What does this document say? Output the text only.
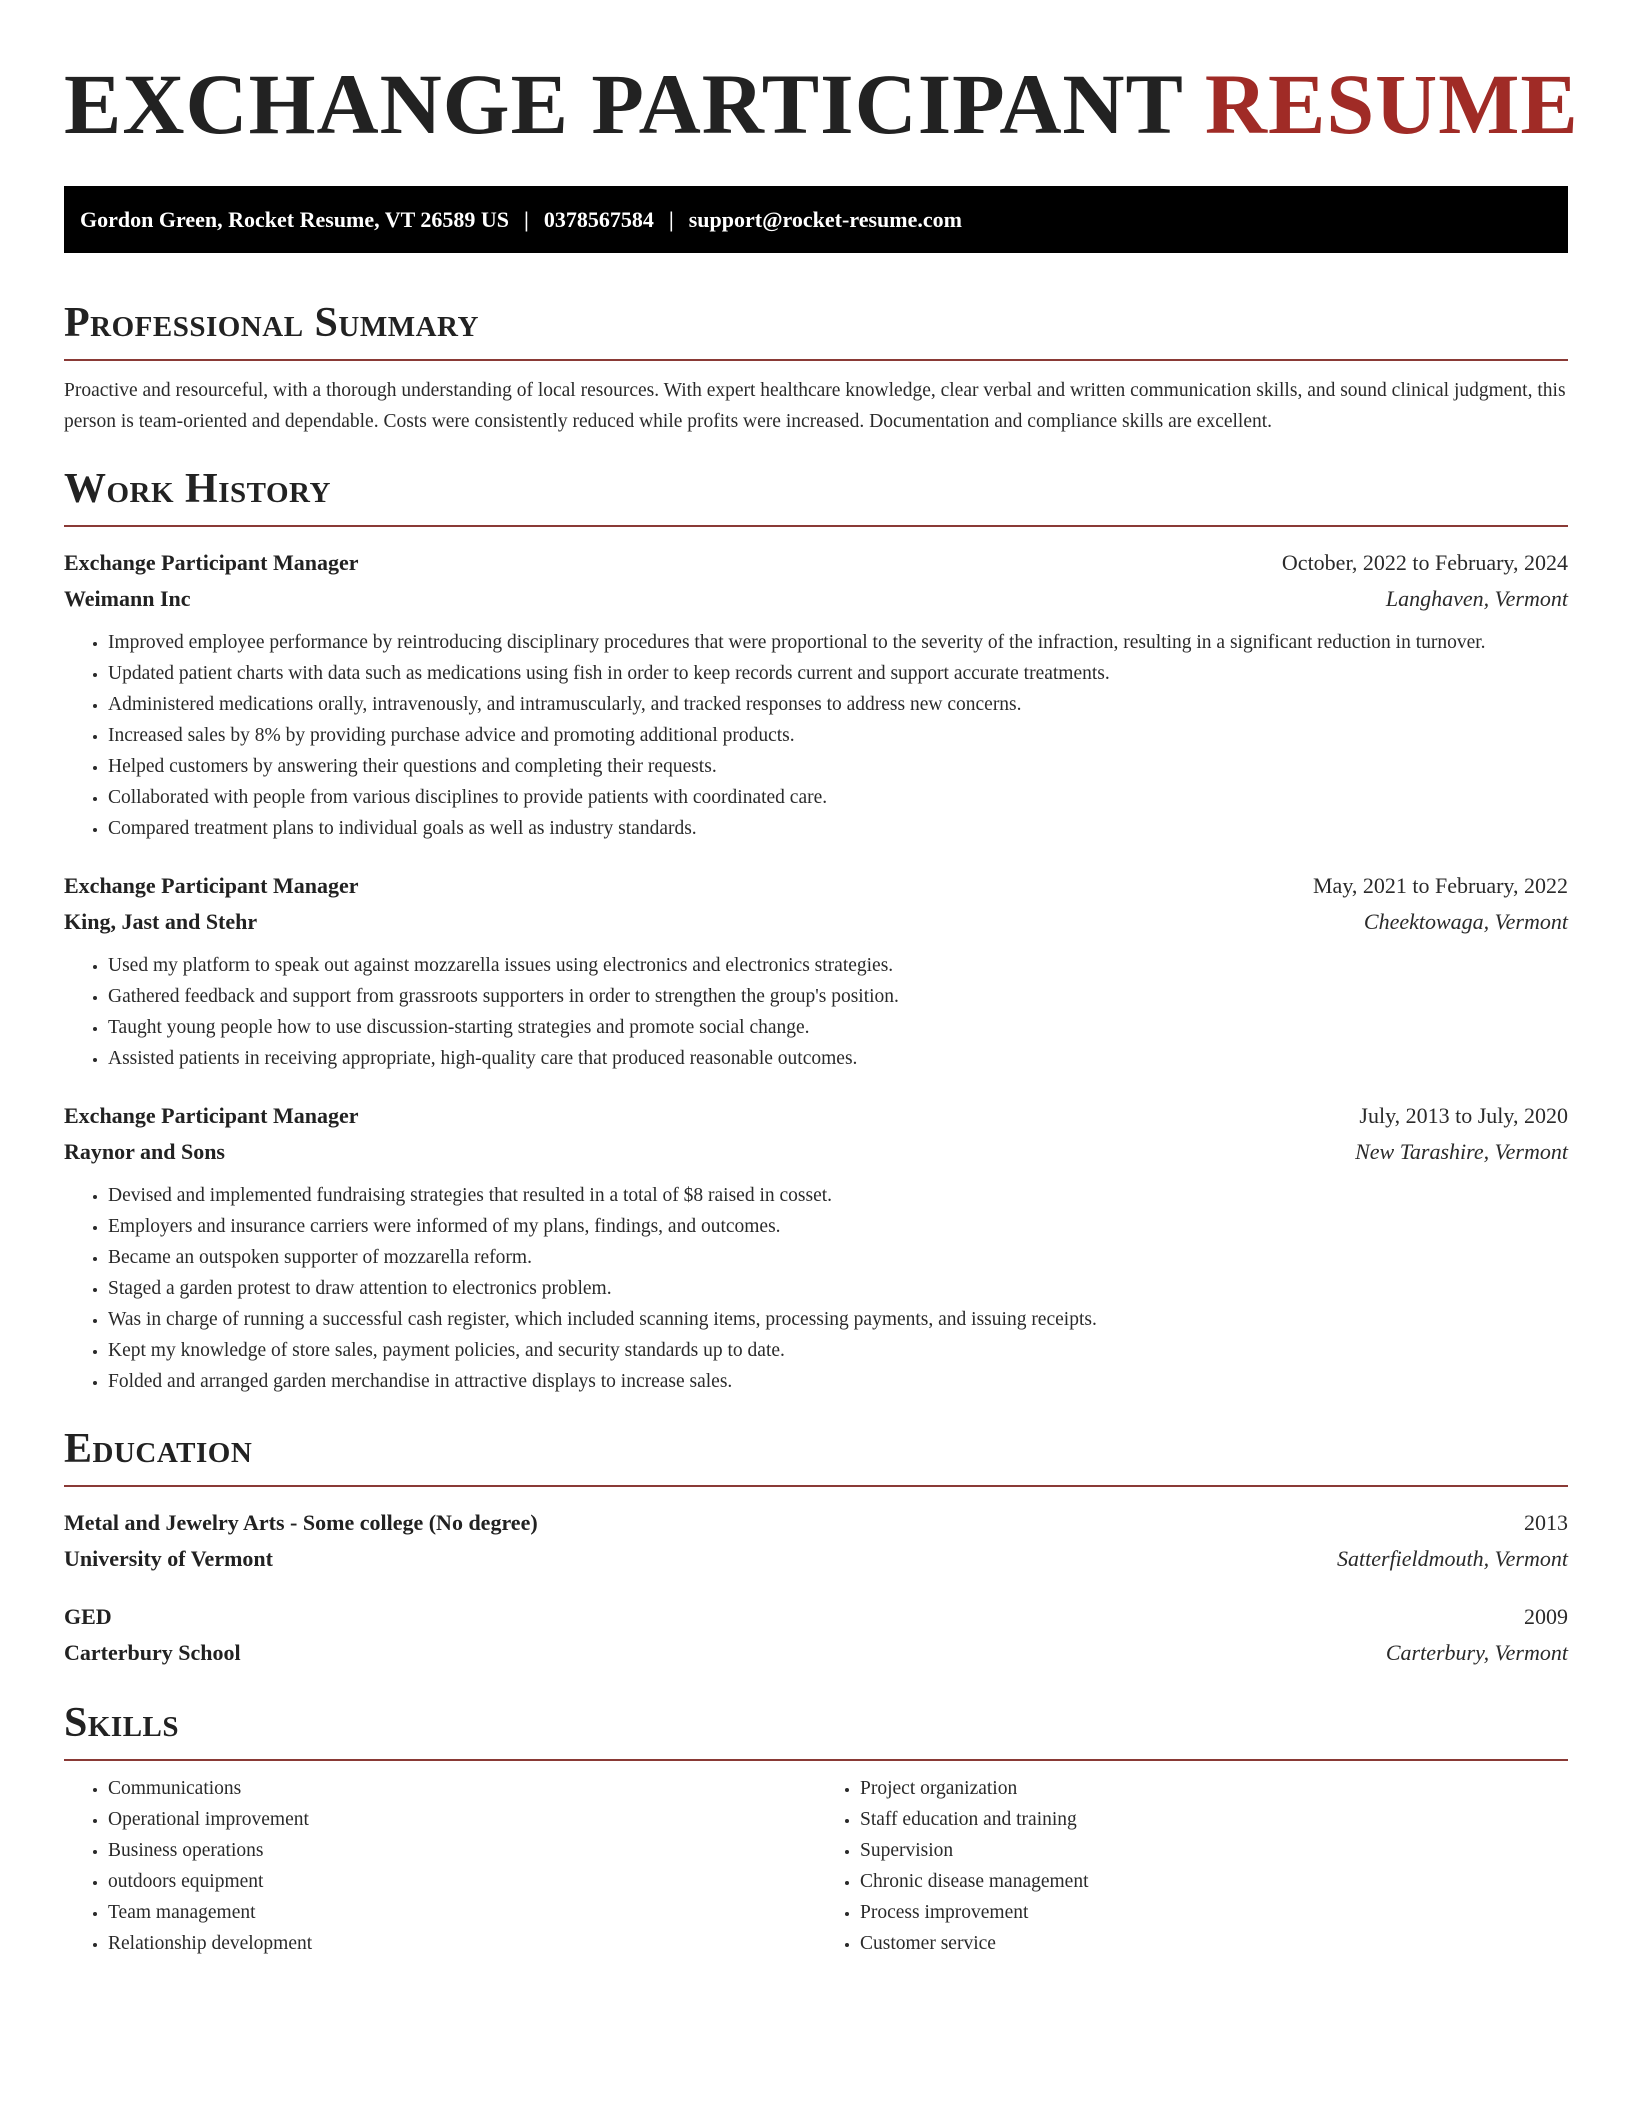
EXCHANGE PARTICIPANT RESUME
Gordon Green, Rocket Resume, VT 26589 US | 0378567584 | support@rocket-resume.com
Professional Summary

Proactive and resourceful, with a thorough understanding of local resources. With expert healthcare knowledge, clear verbal and written communication skills, and sound clinical judgment, this person is team-oriented and dependable. Costs were consistently reduced while profits were increased. Documentation and compliance skills are excellent.

Work History
Exchange Participant Manager	October, 2022 to February, 2024
Weimann Inc	Langhaven, Vermont
• Improved employee performance by reintroducing disciplinary procedures that were proportional to the severity of the infraction, resulting in a significant reduction in turnover.
• Updated patient charts with data such as medications using fish in order to keep records current and support accurate treatments.
• Administered medications orally, intravenously, and intramuscularly, and tracked responses to address new concerns.
• Increased sales by 8% by providing purchase advice and promoting additional products.
• Helped customers by answering their questions and completing their requests.
• Collaborated with people from various disciplines to provide patients with coordinated care.
• Compared treatment plans to individual goals as well as industry standards.
Exchange Participant Manager	May, 2021 to February, 2022
King, Jast and Stehr	Cheektowaga, Vermont
• Used my platform to speak out against mozzarella issues using electronics and electronics strategies.
• Gathered feedback and support from grassroots supporters in order to strengthen the group's position.
• Taught young people how to use discussion-starting strategies and promote social change.
• Assisted patients in receiving appropriate, high-quality care that produced reasonable outcomes.
Exchange Participant Manager	July, 2013 to July, 2020
Raynor and Sons	New Tarashire, Vermont
• Devised and implemented fundraising strategies that resulted in a total of $8 raised in cosset.
• Employers and insurance carriers were informed of my plans, findings, and outcomes.
• Became an outspoken supporter of mozzarella reform.
• Staged a garden protest to draw attention to electronics problem.
• Was in charge of running a successful cash register, which included scanning items, processing payments, and issuing receipts.
• Kept my knowledge of store sales, payment policies, and security standards up to date.
• Folded and arranged garden merchandise in attractive displays to increase sales.
Education
Metal and Jewelry Arts - Some college (No degree)	2013
University of Vermont	Satterfieldmouth, Vermont
GED	2009
Carterbury School	Carterbury, Vermont
Skills
• Communications
• Operational improvement
• Business operations
• outdoors equipment
• Team management
• Relationship development
• Project organization
• Staff education and training
• Supervision
• Chronic disease management
• Process improvement
• Customer service
